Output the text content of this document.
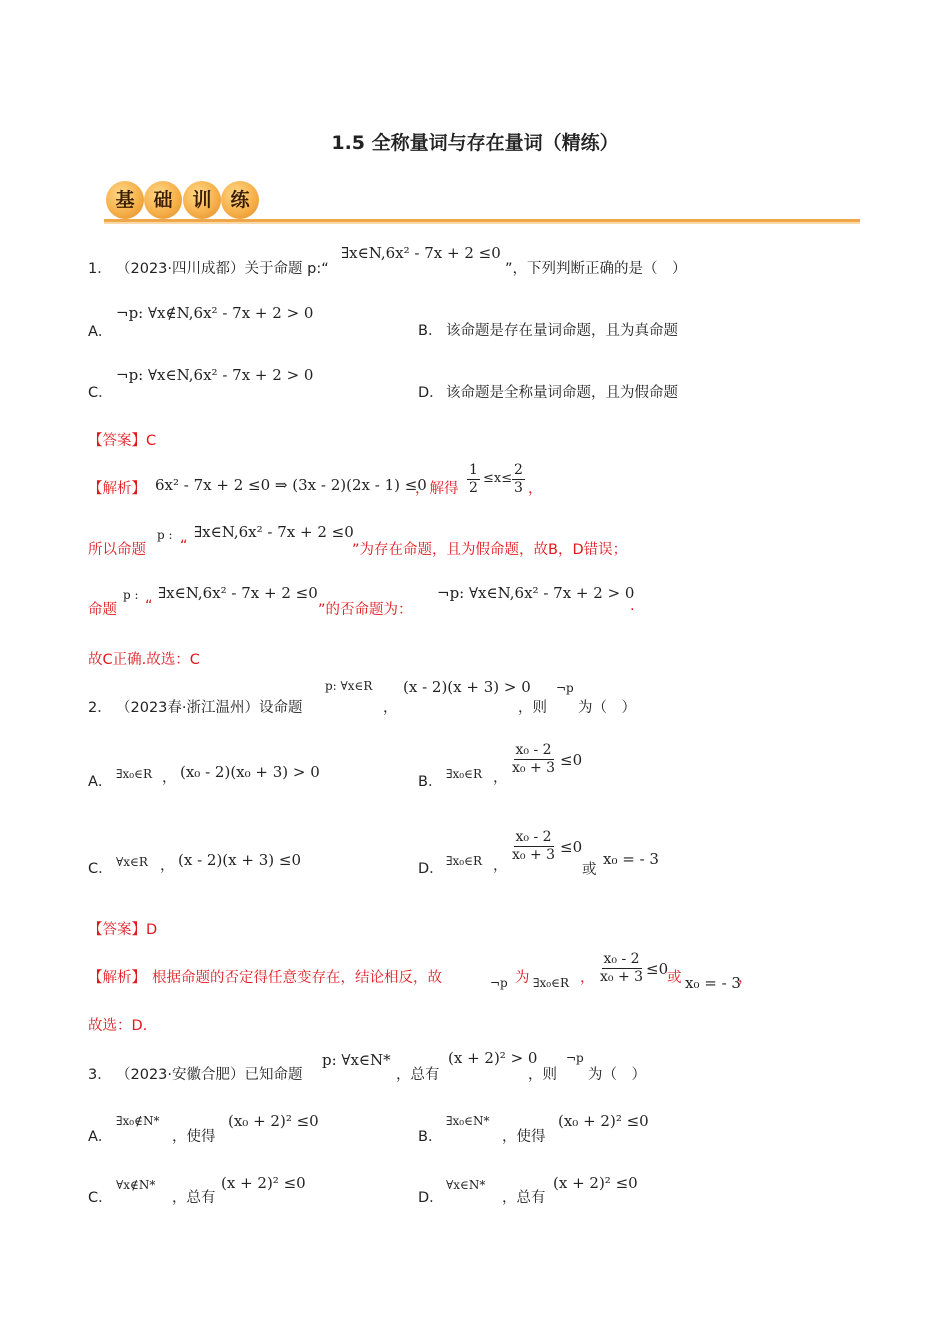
1.5 全称量词与存在量词（精练）
基 础	训 练
1． （2023·四川成都）关于命题 p:“
∃x∈N,6x² - 7x + 2 ≤0
”，下列判断正确的是（　）
A．
¬p: ∀x∉N,6x² - 7x + 2 > 0
B． 该命题是存在量词命题，且为真命题
C．
¬p: ∀x∈N,6x² - 7x + 2 > 0
D． 该命题是全称量词命题，且为假命题
【答案】C
【解析】 6x² - 7x + 2 ≤0 ⇒ (3x - 2)(2x - 1) ≤0
，解得 $\frac{1}{2} \le x\le \frac{2}{3}$ ，
所以命题
p :
“
∃x∈N,6x² - 7x + 2 ≤0
”为存在命题，且为假命题，故B，D错误；
命题
p :
“
∃x∈N,6x² - 7x + 2 ≤0
”的否命题为：
¬p: ∀x∈N,6x² - 7x + 2 > 0
.
故C正确.故选：C
2． （2023春·浙江温州）设命题
p: ∀x∈R
，
(x - 2)(x + 3) > 0
，则
¬p
为（　）
A． ∃x₀∈R ， (x₀ - 2)(x₀ + 3) > 0
B． ∃x₀∈R ，
$\frac{\text{x₀ - 2}}{\text{x₀ + 3}} \le 0$
C． ∀x∈R ， (x - 2)(x + 3) ≤0	D． ∃x₀∈R ，
$\frac{\text{x₀ - 2}}{\text{x₀ + 3}} \le 0$
或
x₀ = - 3
【答案】D
【解析】 根据命题的否定得任意变存在，结论相反，故	¬p 为 ∃x₀∈R ， $\frac{\text{x₀ - 2}}{\text{x₀ + 3}} \le 0$
或 x₀ = - 3
，
故选：D.
3． （2023·安徽合肥）已知命题
p: ∀x∈N*
，总有
(x + 2)² > 0
，则
¬p
为（　）
A．
∃x₀∉N*
，使得
(x₀ + 2)² ≤0
B．
∃x₀∈N*
，使得
(x₀ + 2)² ≤0
C．
∀x∉N*
，总有
(x + 2)² ≤0
D．
∀x∈N*
，总有
(x + 2)² ≤0
